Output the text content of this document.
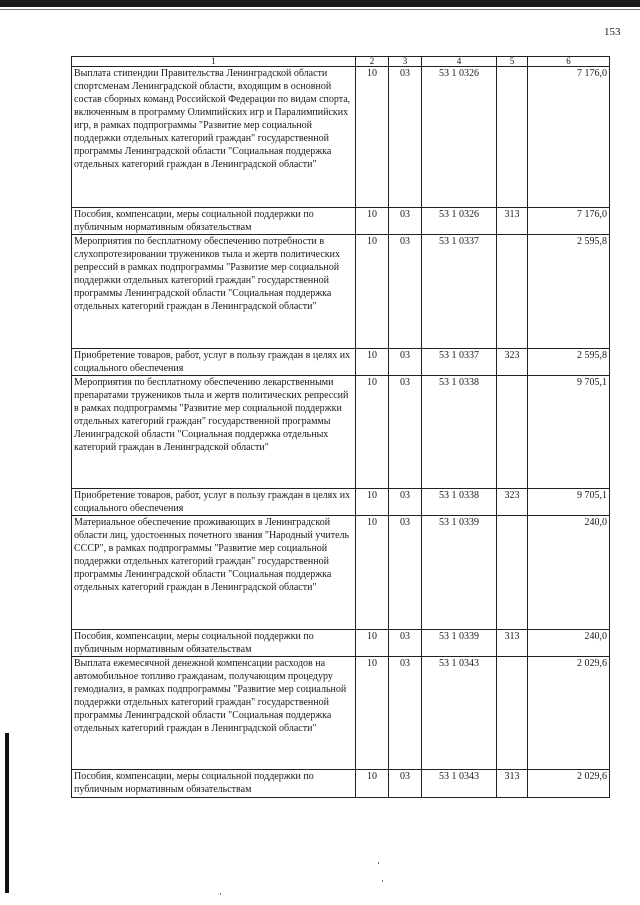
153
1	2	3	4	5	6
Выплата стипендии Правительства Ленинградской области спортсменам Ленинградской области, входящим в основной состав сборных команд Российской Федерации по видам спорта, включенным в программу Олимпийских игр и Паралимпийских игр, в рамках подпрограммы "Развитие мер социальной поддержки отдельных категорий граждан" государственной программы Ленинградской области "Социальная поддержка отдельных категорий граждан в Ленинградской области"	10	03	53 1 0326		7 176,0
Пособия, компенсации, меры социальной поддержки по публичным нормативным обязательствам	10	03	53 1 0326	313	7 176,0
Мероприятия по бесплатному обеспечению потребности в слухопротезировании тружеников тыла и жертв политических репрессий в рамках подпрограммы "Развитие мер социальной поддержки отдельных категорий граждан" государственной программы Ленинградской области "Социальная поддержка отдельных категорий граждан в Ленинградской области"	10	03	53 1 0337		2 595,8
Приобретение товаров, работ, услуг в пользу граждан в целях их социального обеспечения	10	03	53 1 0337	323	2 595,8
Мероприятия по бесплатному обеспечению лекарственными препаратами тружеников тыла и жертв политических репрессий в рамках подпрограммы "Развитие мер социальной поддержки отдельных категорий граждан" государственной программы Ленинградской области "Социальная поддержка отдельных категорий граждан в Ленинградской области"	10	03	53 1 0338		9 705,1
Приобретение товаров, работ, услуг в пользу граждан в целях их социального обеспечения	10	03	53 1 0338	323	9 705,1
Материальное обеспечение проживающих в Ленинградской области лиц, удостоенных почетного звания "Народный учитель СССР", в рамках подпрограммы "Развитие мер социальной поддержки отдельных категорий граждан" государственной программы Ленинградской области "Социальная поддержка отдельных категорий граждан в Ленинградской области"	10	03	53 1 0339		240,0
Пособия, компенсации, меры социальной поддержки по публичным нормативным обязательствам	10	03	53 1 0339	313	240,0
Выплата ежемесячной денежной компенсации расходов на автомобильное топливо гражданам, получающим процедуру гемодиализ, в рамках подпрограммы "Развитие мер социальной поддержки отдельных категорий граждан" государственной программы Ленинградской области "Социальная поддержка отдельных категорий граждан в Ленинградской области"	10	03	53 1 0343		2 029,6
Пособия, компенсации, меры социальной поддержки по публичным нормативным обязательствам	10	03	53 1 0343	313	2 029,6
